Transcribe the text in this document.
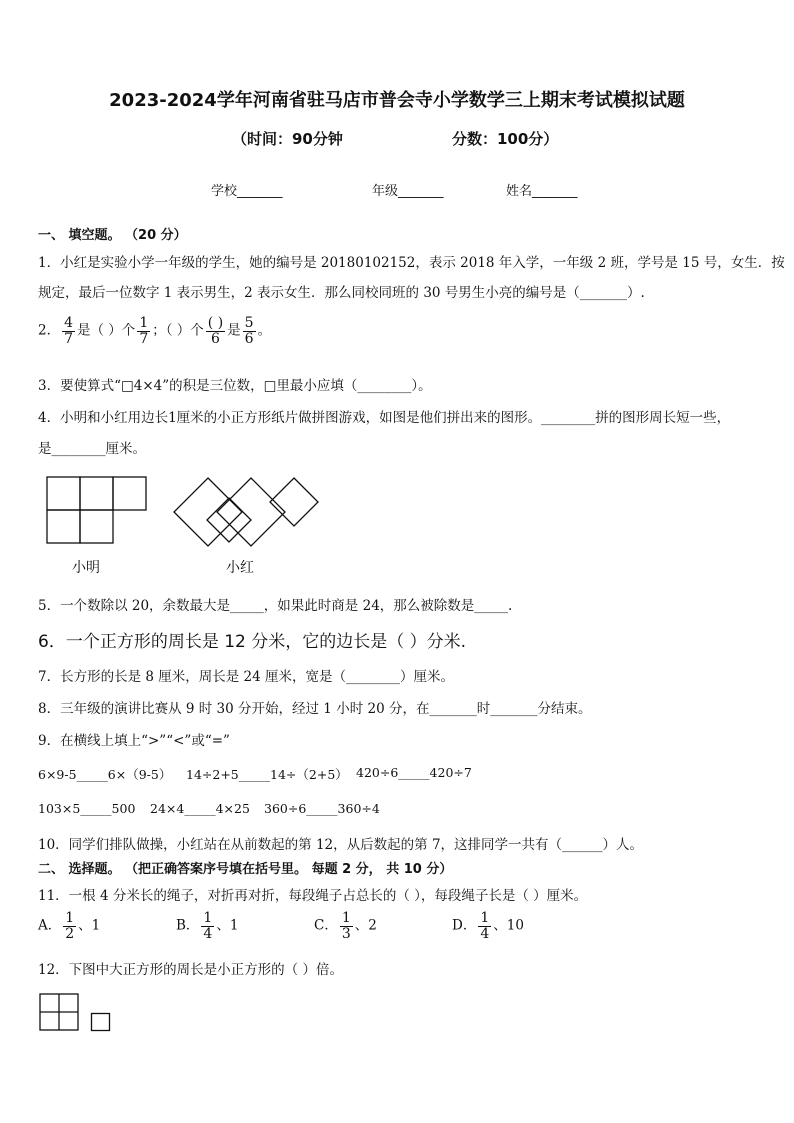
2023-2024学年河南省驻马店市普会寺小学数学三上期末考试模拟试题
（时间：90分钟	分数：100分）
学校_______	年级_______	姓名_______
一、 填空题。 （20 分）
1．小红是实验小学一年级的学生，她的编号是 20180102152，表示 2018 年入学，一年级 2 班，学号是 15 号，女生．按
规定，最后一位数字 1 表示男生，2 表示女生．那么同校同班的 30 号男生小亮的编号是（_______）.
2． $\frac{4}{7}$ 是（ ）个 $\frac{1}{7}$ ；（ ）个 $\frac{( )}{6}$ 是 $\frac{5}{6}$ 。
3．要使算式“□4×4”的积是三位数，□里最小应填（________）。
4．小明和小红用边长1厘米的小正方形纸片做拼图游戏，如图是他们拼出来的图形。________拼的图形周长短一些，
是________厘米。
小明	小红
5．一个数除以 20，余数最大是_____，如果此时商是 24，那么被除数是_____.
6．一个正方形的周长是 12 分米，它的边长是（ ）分米.
7．长方形的长是 8 厘米，周长是 24 厘米，宽是（________）厘米。
8．三年级的演讲比赛从 9 时 30 分开始，经过 1 小时 20 分，在_______时_______分结束。
9．在横线上填上“>”“<”或“=”
6×9-5_____6×（9-5） 14÷2+5_____14÷（2+5） 420÷6_____420÷7
103×5_____500 24×4_____4×25 360÷6_____360÷4
10．同学们排队做操，小红站在从前数起的第 12，从后数起的第 7，这排同学一共有（______）人。
二、 选择题。 （把正确答案序号填在括号里。 每题 2 分， 共 10 分）
11．一根 4 分米长的绳子，对折再对折，每段绳子占总长的（ ），每段绳子长是（ ）厘米。
A． $\frac{1}{2}$ 、1	B． $\frac{1}{4}$ 、1	C． $\frac{1}{3}$ 、2	D． $\frac{1}{4}$ 、10
12．下图中大正方形的周长是小正方形的（ ）倍。
